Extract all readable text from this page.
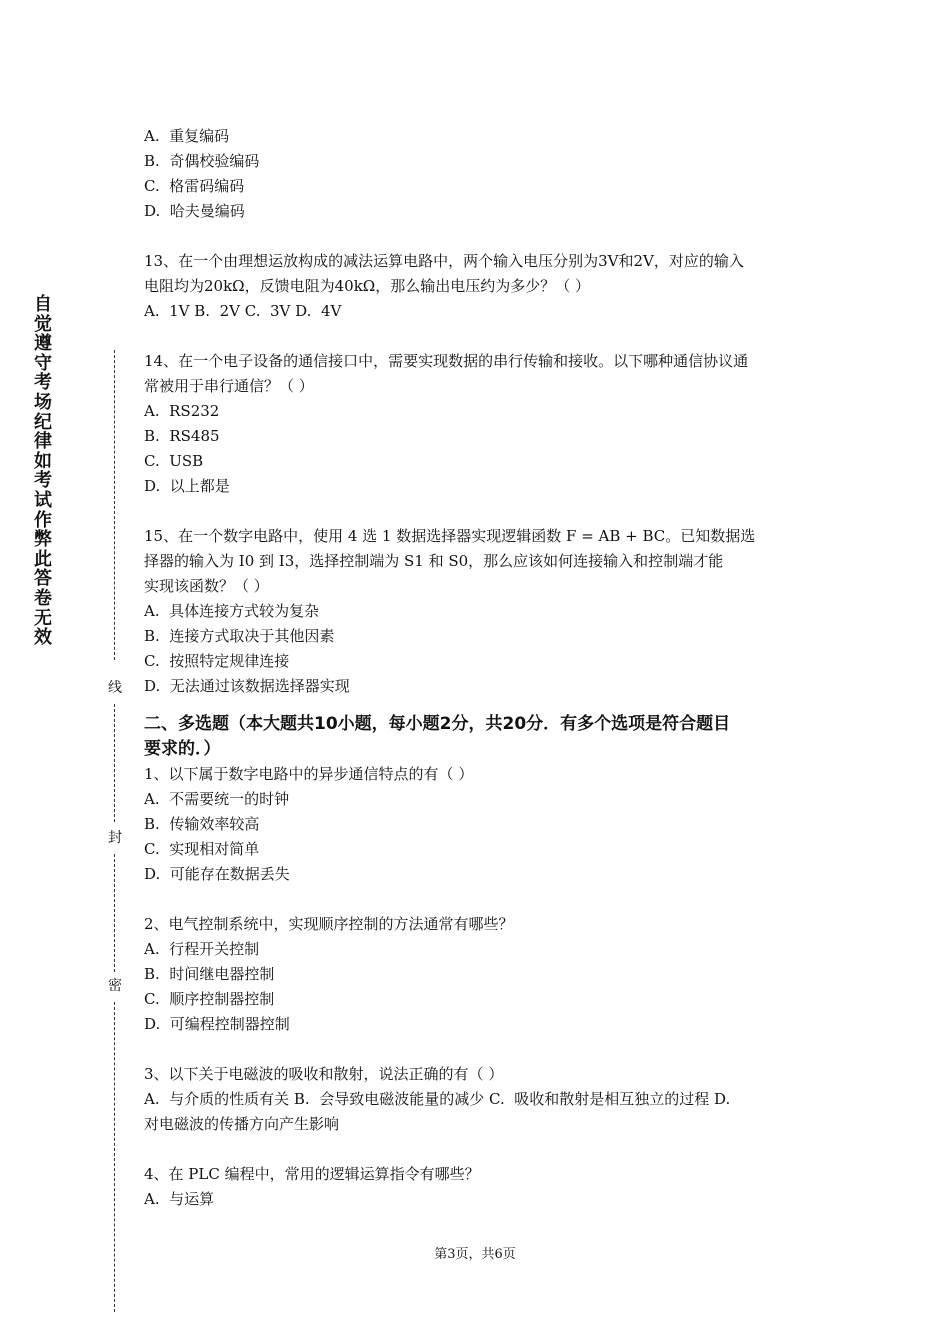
自觉遵守考场纪律如考试作弊此答卷无效
线
封
密
A.  重复编码
B.  奇偶校验编码
C.  格雷码编码
D.  哈夫曼编码
13、在一个由理想运放构成的减法运算电路中，两个输入电压分别为3V和2V，对应的输入
电阻均为20kΩ，反馈电阻为40kΩ，那么输出电压约为多少？（ ）
A.  1V B.  2V C.  3V D.  4V
14、在一个电子设备的通信接口中，需要实现数据的串行传输和接收。以下哪种通信协议通
常被用于串行通信？（ ）
A.  RS232
B.  RS485
C.  USB
D.  以上都是
15、在一个数字电路中，使用 4 选 1 数据选择器实现逻辑函数 F = AB + BC。已知数据选
择器的输入为 I0 到 I3，选择控制端为 S1 和 S0，那么应该如何连接输入和控制端才能
实现该函数？（ ）
A.  具体连接方式较为复杂
B.  连接方式取决于其他因素
C.  按照特定规律连接
D.  无法通过该数据选择器实现
二、多选题（本大题共10小题，每小题2分，共20分．有多个选项是符合题目
要求的．）
1、以下属于数字电路中的异步通信特点的有（ ）
A.  不需要统一的时钟
B.  传输效率较高
C.  实现相对简单
D.  可能存在数据丢失
2、电气控制系统中，实现顺序控制的方法通常有哪些？
A.  行程开关控制
B.  时间继电器控制
C.  顺序控制器控制
D.  可编程控制器控制
3、以下关于电磁波的吸收和散射，说法正确的有（ ）
A.  与介质的性质有关 B.  会导致电磁波能量的减少 C.  吸收和散射是相互独立的过程 D.
对电磁波的传播方向产生影响
4、在 PLC 编程中，常用的逻辑运算指令有哪些？
A.  与运算
第3页，共6页
